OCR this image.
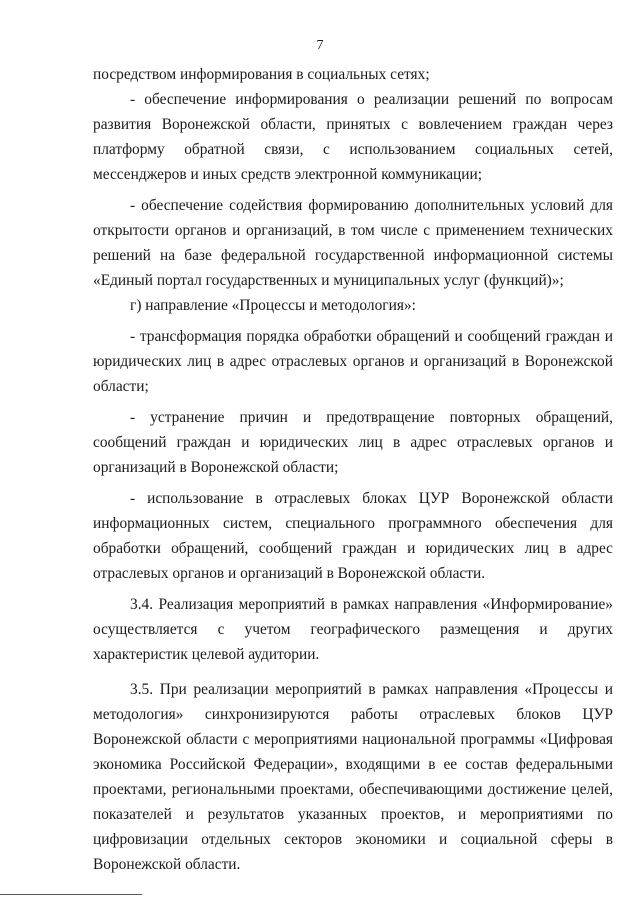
7

посредством информирования в социальных сетях;

- обеспечение информирования о реализации решений по вопросам развития Воронежской области, принятых с вовлечением граждан через платформу обратной связи, с использованием социальных сетей, мессенджеров и иных средств электронной коммуникации;

- обеспечение содействия формированию дополнительных условий для открытости органов и организаций, в том числе с применением технических решений на базе федеральной государственной информационной системы «Единый портал государственных и муниципальных услуг (функций)»;

г) направление «Процессы и методология»:

- трансформация порядка обработки обращений и сообщений граждан и юридических лиц в адрес отраслевых органов и организаций в Воронежской области;

- устранение причин и предотвращение повторных обращений, сообщений граждан и юридических лиц в адрес отраслевых органов и организаций в Воронежской области;

- использование в отраслевых блоках ЦУР Воронежской области информационных систем, специального программного обеспечения для обработки обращений, сообщений граждан и юридических лиц в адрес отраслевых органов и организаций в Воронежской области.

3.4. Реализация мероприятий в рамках направления «Информирование» осуществляется с учетом географического размещения и других характеристик целевой аудитории.

3.5. При реализации мероприятий в рамках направления «Процессы и методология» синхронизируются работы отраслевых блоков ЦУР Воронежской области с мероприятиями национальной программы «Цифровая экономика Российской Федерации», входящими в ее состав федеральными проектами, региональными проектами, обеспечивающими достижение целей, показателей и результатов указанных проектов, и мероприятиями по цифровизации отдельных секторов экономики и социальной сферы в Воронежской области.
